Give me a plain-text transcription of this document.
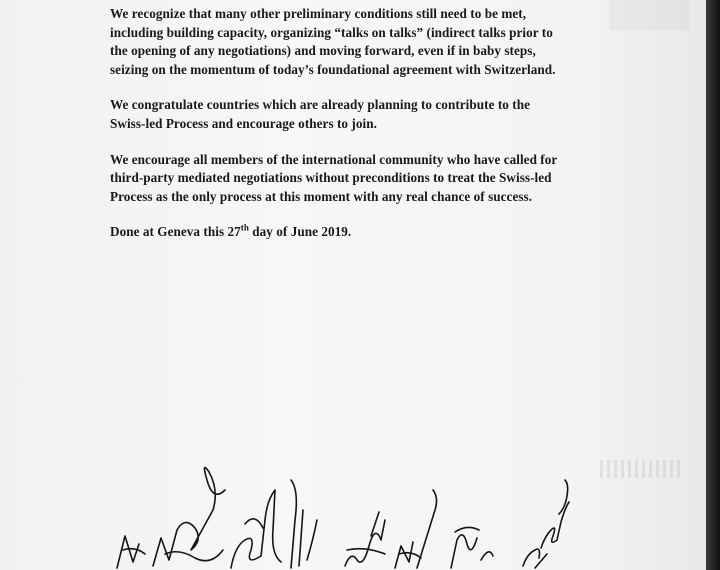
We recognize that many other preliminary conditions still need to be met,
including building capacity, organizing “talks on talks” (indirect talks prior to
the opening of any negotiations) and moving forward, even if in baby steps,
seizing on the momentum of today’s foundational agreement with Switzerland.

We congratulate countries which are already planning to contribute to the
Swiss-led Process and encourage others to join.

We encourage all members of the international community who have called for
third-party mediated negotiations without preconditions to treat the Swiss-led
Process as the only process at this moment with any real chance of success.

Done at Geneva this 27th day of June 2019.
